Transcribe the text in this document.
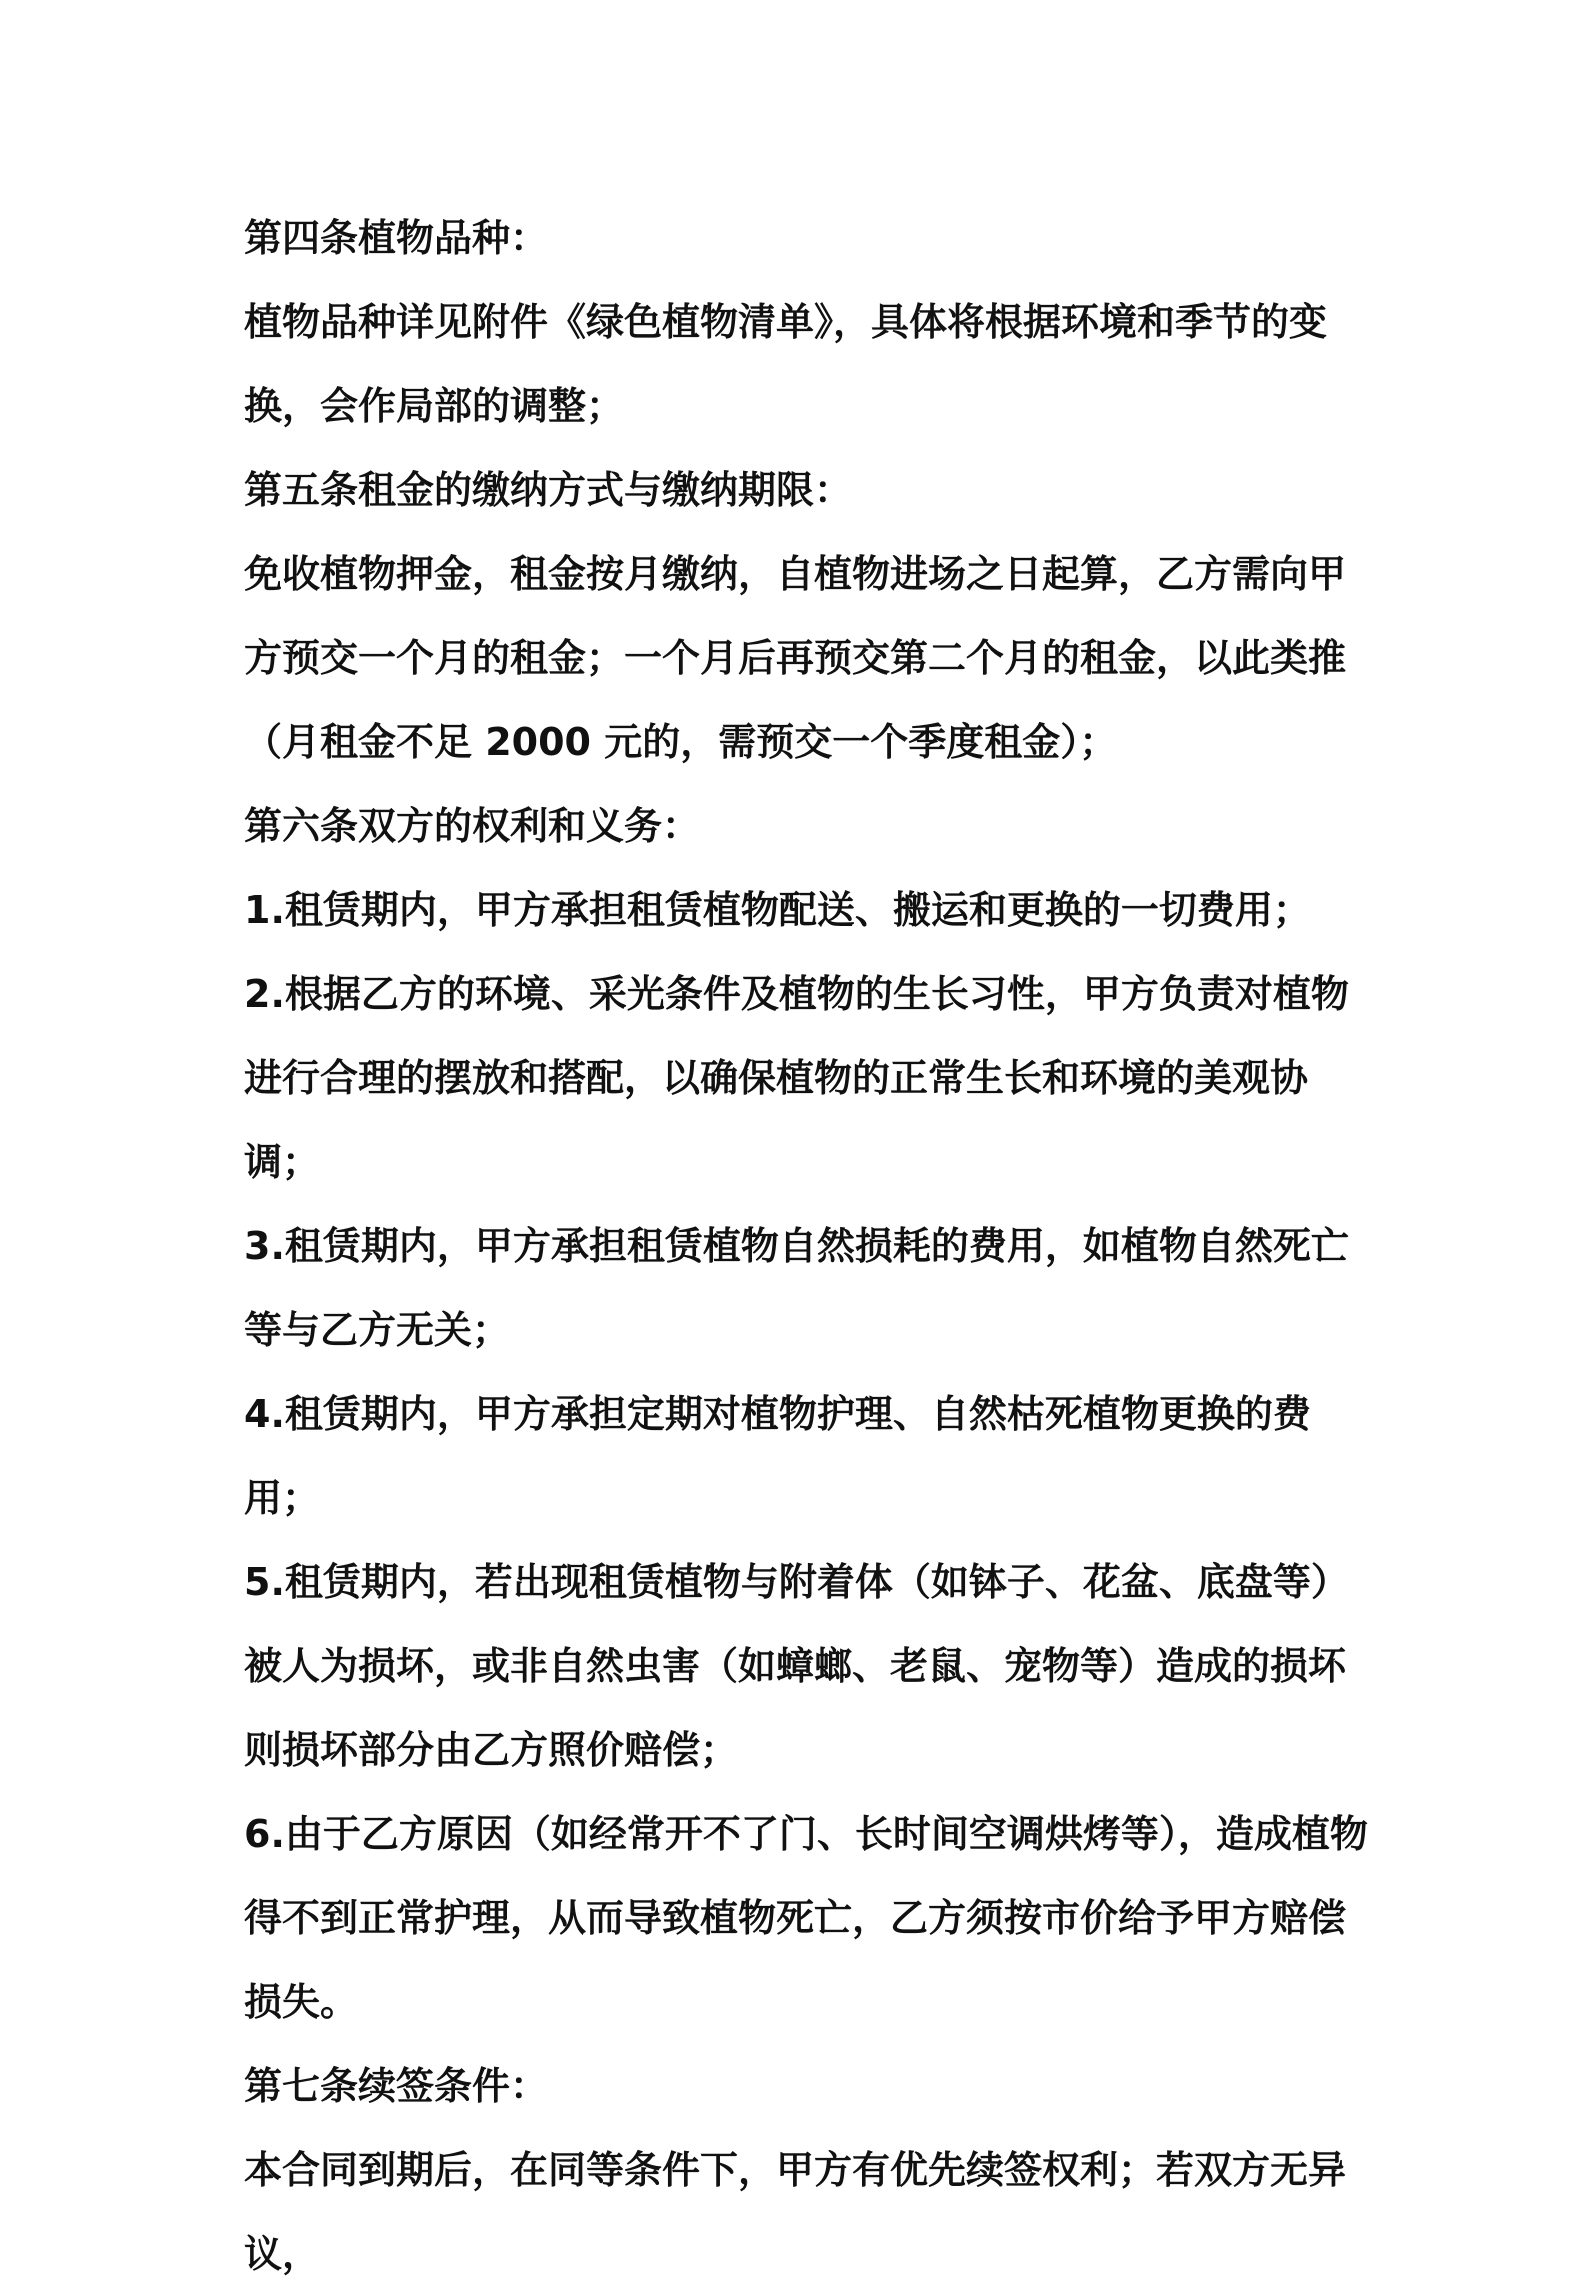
第四条植物品种：

植物品种详见附件《绿色植物清单》，具体将根据环境和季节的变换，会作局部的调整；

第五条租金的缴纳方式与缴纳期限：

免收植物押金，租金按月缴纳，自植物进场之日起算，乙方需向甲方预交一个月的租金；一个月后再预交第二个月的租金，以此类推（月租金不足 2000 元的，需预交一个季度租金）；

第六条双方的权利和义务：

1.租赁期内，甲方承担租赁植物配送、搬运和更换的一切费用；

2.根据乙方的环境、采光条件及植物的生长习性，甲方负责对植物进行合理的摆放和搭配，以确保植物的正常生长和环境的美观协调；

3.租赁期内，甲方承担租赁植物自然损耗的费用，如植物自然死亡等与乙方无关；

4.租赁期内，甲方承担定期对植物护理、自然枯死植物更换的费用；

5.租赁期内，若出现租赁植物与附着体（如钵子、花盆、底盘等）被人为损坏，或非自然虫害（如蟑螂、老鼠、宠物等）造成的损坏则损坏部分由乙方照价赔偿；

6.由于乙方原因（如经常开不了门、长时间空调烘烤等），造成植物得不到正常护理，从而导致植物死亡，乙方须按市价给予甲方赔偿损失。

第七条续签条件：

本合同到期后，在同等条件下，甲方有优先续签权利；若双方无异议，
